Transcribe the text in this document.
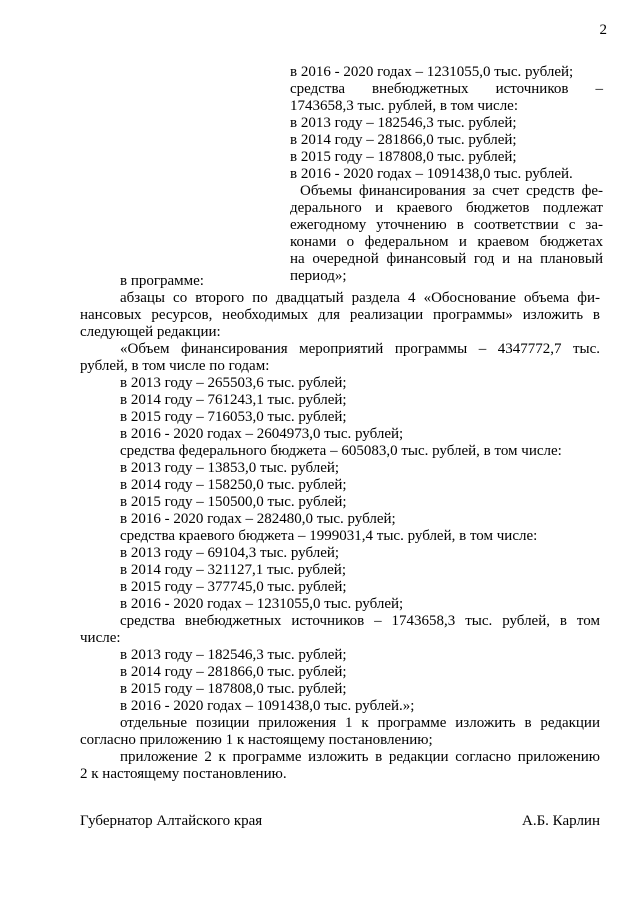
2
в 2016 - 2020 годах – 1231055,0 тыс. рублей;
средства внебюджетных источников –
1743658,3 тыс. рублей, в том числе:
в 2013 году – 182546,3 тыс. рублей;
в 2014 году – 281866,0 тыс. рублей;
в 2015 году – 187808,0 тыс. рублей;
в 2016 - 2020 годах – 1091438,0 тыс. рублей.
Объемы финансирования за счет средств фе-
дерального и краевого бюджетов подлежат
ежегодному уточнению в соответствии с за-
конами о федеральном и краевом бюджетах
на очередной финансовый год и на плановый
период»;
в программе:
абзацы со второго по двадцатый раздела 4 «Обоснование объема фи-
нансовых ресурсов, необходимых для реализации программы» изложить в
следующей редакции:
«Объем финансирования мероприятий программы – 4347772,7 тыс.
рублей, в том числе по годам:
в 2013 году – 265503,6 тыс. рублей;
в 2014 году – 761243,1 тыс. рублей;
в 2015 году – 716053,0 тыс. рублей;
в 2016 - 2020 годах – 2604973,0 тыс. рублей;
средства федерального бюджета – 605083,0 тыс. рублей, в том числе:
в 2013 году – 13853,0 тыс. рублей;
в 2014 году – 158250,0 тыс. рублей;
в 2015 году – 150500,0 тыс. рублей;
в 2016 - 2020 годах – 282480,0 тыс. рублей;
средства краевого бюджета – 1999031,4 тыс. рублей, в том числе:
в 2013 году – 69104,3 тыс. рублей;
в 2014 году – 321127,1 тыс. рублей;
в 2015 году – 377745,0 тыс. рублей;
в 2016 - 2020 годах – 1231055,0 тыс. рублей;
средства внебюджетных источников – 1743658,3 тыс. рублей, в том
числе:
в 2013 году – 182546,3 тыс. рублей;
в 2014 году – 281866,0 тыс. рублей;
в 2015 году – 187808,0 тыс. рублей;
в 2016 - 2020 годах – 1091438,0 тыс. рублей.»;
отдельные позиции приложения 1 к программе изложить в редакции
согласно приложению 1 к настоящему постановлению;
приложение 2 к программе изложить в редакции согласно приложению
2 к настоящему постановлению.
Губернатор Алтайского края	А.Б. Карлин
